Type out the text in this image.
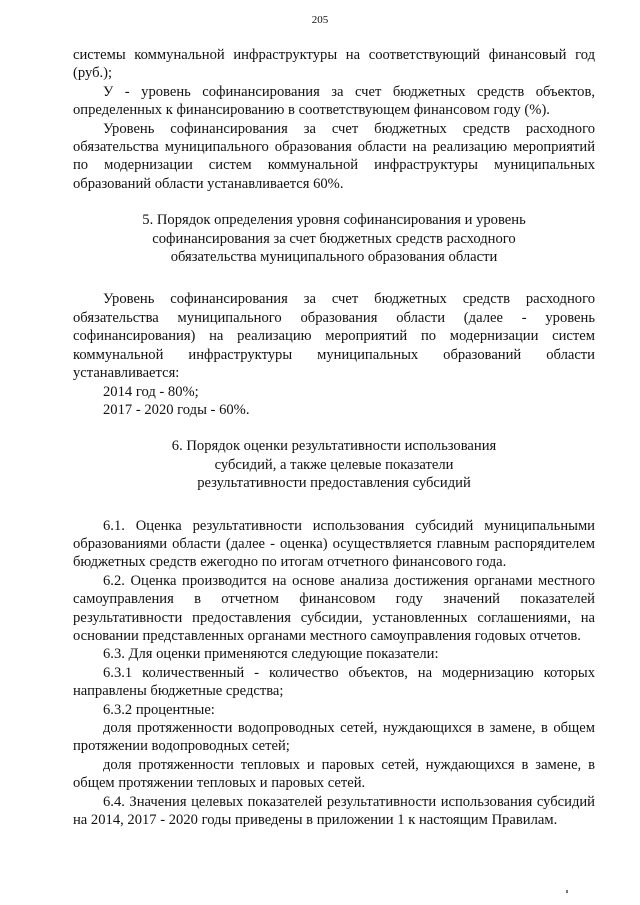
205

системы коммунальной инфраструктуры на соответствующий финансовый год (руб.);

У - уровень софинансирования за счет бюджетных средств объектов, определенных к финансированию в соответствующем финансовом году (%).

Уровень софинансирования за счет бюджетных средств расходного обязательства муниципального образования области на реализацию мероприятий по модернизации систем коммунальной инфраструктуры муниципальных образований области устанавливается 60%.

5. Порядок определения уровня софинансирования и уровень
софинансирования за счет бюджетных средств расходного
обязательства муниципального образования области

Уровень софинансирования за счет бюджетных средств расходного обязательства муниципального образования области (далее - уровень софинансирования) на реализацию мероприятий по модернизации систем коммунальной инфраструктуры муниципальных образований области устанавливается:

2014 год - 80%;

2017 - 2020 годы - 60%.

6. Порядок оценки результативности использования
субсидий, а также целевые показатели
результативности предоставления субсидий

6.1. Оценка результативности использования субсидий муниципальными образованиями области (далее - оценка) осуществляется главным распорядителем бюджетных средств ежегодно по итогам отчетного финансового года.

6.2. Оценка производится на основе анализа достижения органами местного самоуправления в отчетном финансовом году значений показателей результативности предоставления субсидии, установленных соглашениями, на основании представленных органами местного самоуправления годовых отчетов.

6.3. Для оценки применяются следующие показатели:

6.3.1 количественный - количество объектов, на модернизацию которых направлены бюджетные средства;

6.3.2 процентные:

доля протяженности водопроводных сетей, нуждающихся в замене, в общем протяжении водопроводных сетей;

доля протяженности тепловых и паровых сетей, нуждающихся в замене, в общем протяжении тепловых и паровых сетей.

6.4. Значения целевых показателей результативности использования субсидий на 2014, 2017 - 2020 годы приведены в приложении 1 к настоящим Правилам.
